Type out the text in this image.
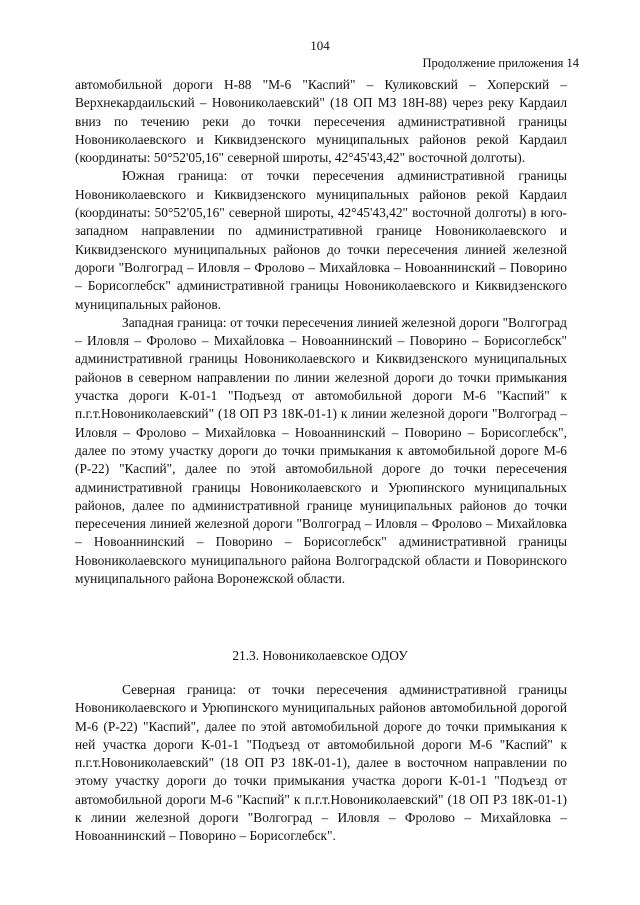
104
Продолжение приложения 14

автомобильной дороги Н-88 "М-6 "Каспий" – Куликовский – Хоперский – Верхнекардаильский – Новониколаевский" (18 ОП МЗ 18Н-88) через реку Кардаил вниз по течению реки до точки пересечения административной границы Новониколаевского и Киквидзенского муниципальных районов рекой Кардаил (координаты: 50°52'05,16" северной широты, 42°45'43,42" восточной долготы).

Южная граница: от точки пересечения административной границы Новониколаевского и Киквидзенского муниципальных районов рекой Кардаил (координаты: 50°52'05,16" северной широты, 42°45'43,42" восточной долготы) в юго-западном направлении по административной границе Новониколаевского и Киквидзенского муниципальных районов до точки пересечения линией железной дороги "Волгоград – Иловля – Фролово – Михайловка – Новоаннинский – Поворино – Борисоглебск" административной границы Новониколаевского и Киквидзенского муниципальных районов.

Западная граница: от точки пересечения линией железной дороги "Волгоград – Иловля – Фролово – Михайловка – Новоаннинский – Поворино – Борисоглебск" административной границы Новониколаевского и Киквидзенского муниципальных районов в северном направлении по линии железной дороги до точки примыкания участка дороги К-01-1 "Подъезд от автомобильной дороги М-6 "Каспий" к п.г.т.Новониколаевский" (18 ОП РЗ 18К-01-1) к линии железной дороги "Волгоград – Иловля – Фролово – Михайловка – Новоаннинский – Поворино – Борисоглебск", далее по этому участку дороги до точки примыкания к автомобильной дороге М-6 (Р-22) "Каспий", далее по этой автомобильной дороге до точки пересечения административной границы Новониколаевского и Урюпинского муниципальных районов, далее по административной границе муниципальных районов до точки пересечения линией железной дороги "Волгоград – Иловля – Фролово – Михайловка – Новоаннинский – Поворино – Борисоглебск" административной границы Новониколаевского муниципального района Волгоградской области и Поворинского муниципального района Воронежской области.

21.3. Новониколаевское ОДОУ

Северная граница: от точки пересечения административной границы Новониколаевского и Урюпинского муниципальных районов автомобильной дорогой М-6 (Р-22) "Каспий", далее по этой автомобильной дороге до точки примыкания к ней участка дороги К-01-1 "Подъезд от автомобильной дороги М-6 "Каспий" к п.г.т.Новониколаевский" (18 ОП РЗ 18К-01-1), далее в восточном направлении по этому участку дороги до точки примыкания участка дороги К-01-1 "Подъезд от автомобильной дороги М-6 "Каспий" к п.г.т.Новониколаевский" (18 ОП РЗ 18К-01-1) к линии железной дороги "Волгоград – Иловля – Фролово – Михайловка – Новоаннинский – Поворино – Борисоглебск".
